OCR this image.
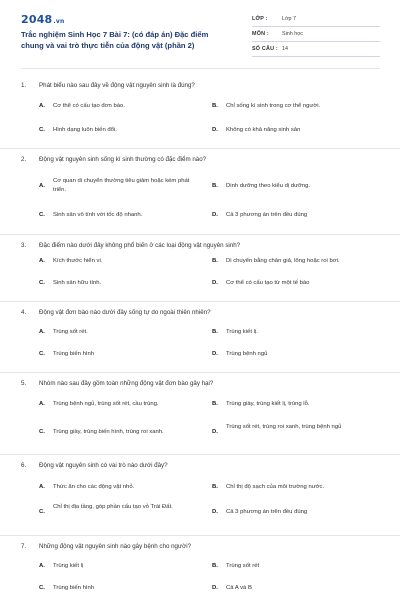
2048.vn
Trắc nghiệm Sinh Học 7 Bài 7: (có đáp án) Đặc điểm chung và vai trò thực tiễn của động vật (phần 2)
LỚP :	Lớp 7
MÔN : Sinh học
SỐ CÂU : 14
1. Phát biểu nào sau đây về động vật nguyên sinh là đúng?
A. Cơ thể có cấu tạo đơn bào.	B. Chỉ sống kí sinh trong cơ thể người.
C. Hình dạng luôn biến đổi.	D. Không có khả năng sinh sản
2. Động vật nguyên sinh sống kí sinh thường có đặc điểm nào?
A.
Cơ quan di chuyển thường tiêu giảm hoặc kém phát triển.
B. Dinh dưỡng theo kiểu dị dưỡng.
C. Sinh sản vô tính với tốc độ nhanh.	D. Cả 3 phương án trên đều đúng
3. Đặc điểm nào dưới đây không phổ biến ở các loại động vật nguyên sinh?
A. Kích thước hiển vi.	B. Di chuyển bằng chân giả, lông hoặc roi bơi.
C. Sinh sản hữu tính.	D. Cơ thể có cấu tạo từ một tế bào
4. Động vật đơn bào nào dưới đây sống tự do ngoài thiên nhiên?
A. Trùng sốt rét.	B. Trùng kiết lị.
C. Trùng biến hình	D. Trùng bệnh ngủ
5. Nhóm nào sau đây gồm toàn những động vật đơn bào gây hại?
A. Trùng bệnh ngủ, trùng sốt rét, cầu trùng.	B. Trùng giày, trùng kiết lị, trùng lỗ.
C. Trùng giày, trùng biến hình, trùng roi xanh.	D.
Trùng sốt rét, trùng roi xanh, trùng bệnh ngủ
6. Động vật nguyên sinh có vai trò nào dưới đây?
A. Thức ăn cho các động vật nhỏ.	B. Chỉ thị độ sạch của môi trường nước.
C.
Chỉ thị địa tầng, góp phần cấu tạo vỏ Trái Đất.
D. Cả 3 phương án trên đều đúng
7. Những động vật nguyên sinh nào gây bệnh cho người?
A. Trùng kiết lị	B. Trùng sốt rét
C. Trùng biến hình	D. Cả A và B
